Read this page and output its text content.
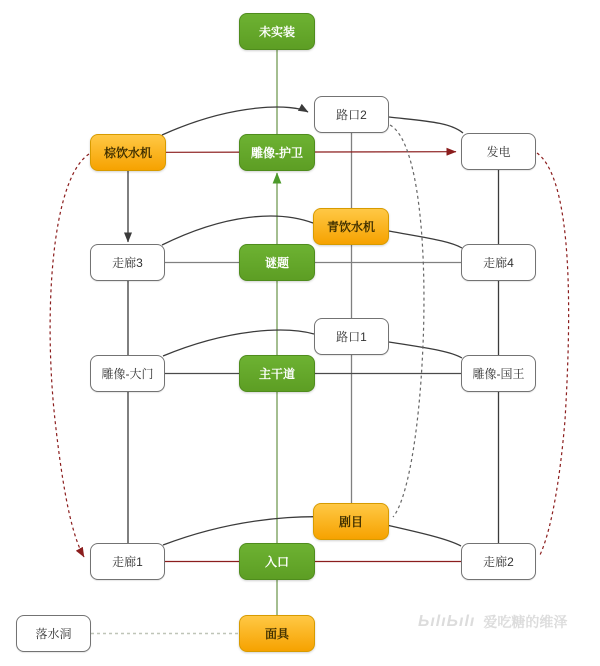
未实装
路口2
棕饮水机	雕像-护卫	发电
青饮水机
走廊3	谜题	走廊4
路口1
雕像-大门	主干道	雕像-国王
剧目
走廊1	入口	走廊2
落水洞	面具
ЬılıЬılı 爱吃糖的维泽
